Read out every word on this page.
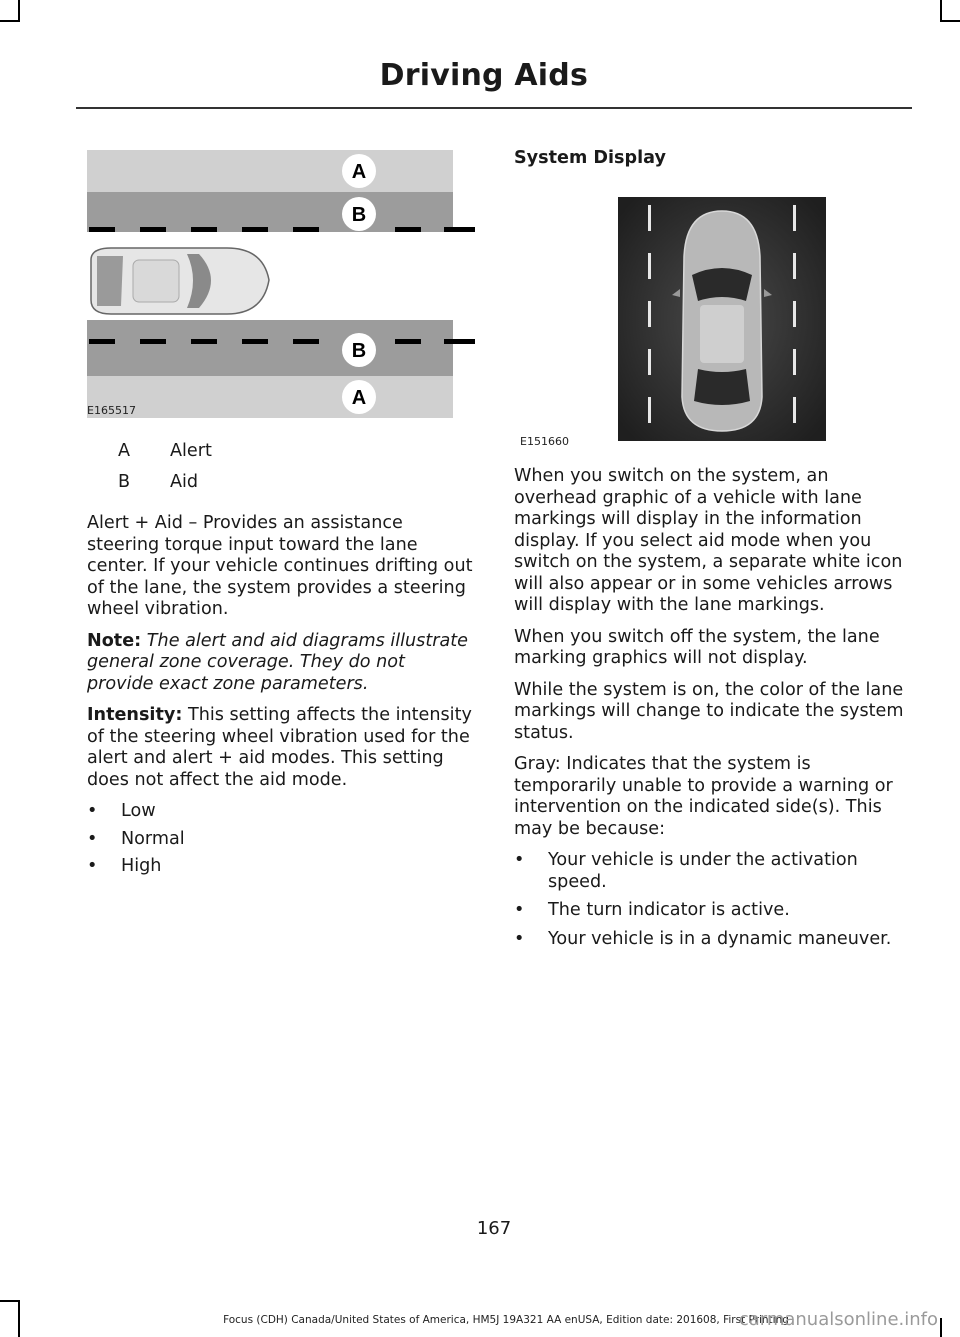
Driving Aids
A
B
B
A
E165517
A Alert
B Aid

Alert + Aid – Provides an assistance steering torque input toward the lane center. If your vehicle continues drifting out of the lane, the system provides a steering wheel vibration.

Note: The alert and aid diagrams illustrate general zone coverage. They do not provide exact zone parameters.

Intensity: This setting affects the intensity of the steering wheel vibration used for the alert and alert + aid modes. This setting does not affect the aid mode.

• Low
• Normal
• High
System Display
E151660

When you switch on the system, an overhead graphic of a vehicle with lane markings will display in the information display. If you select aid mode when you switch on the system, a separate white icon will also appear or in some vehicles arrows will display with the lane markings.

When you switch off the system, the lane marking graphics will not display.

While the system is on, the color of the lane markings will change to indicate the system status.

Gray: Indicates that the system is temporarily unable to provide a warning or intervention on the indicated side(s). This may be because:

• Your vehicle is under the activation speed.
• The turn indicator is active.
• Your vehicle is in a dynamic maneuver.
167
Focus (CDH) Canada/United States of America, HM5J 19A321 AA enUSA, Edition date: 201608, First Printing
carmanualsonline.info
